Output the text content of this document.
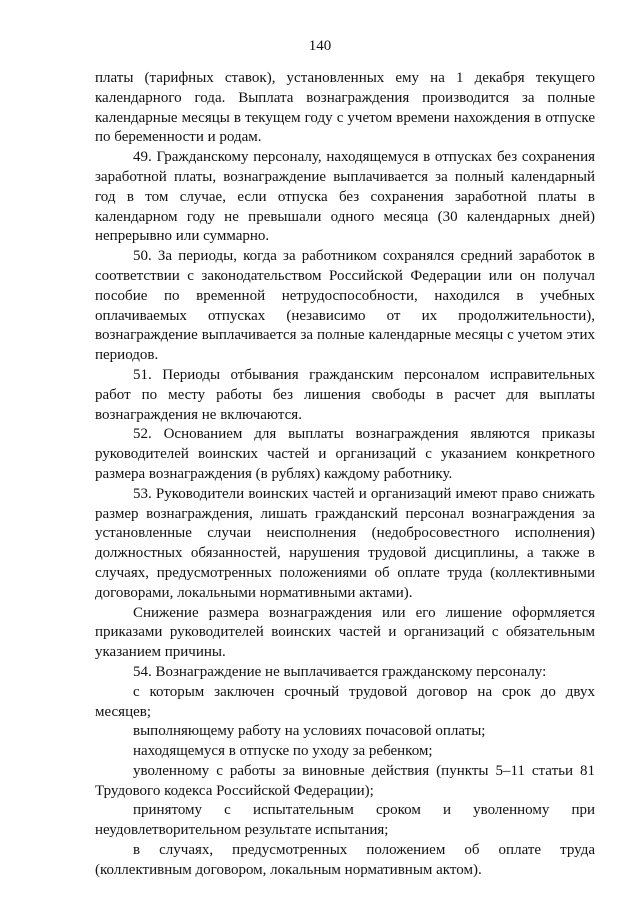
140

платы (тарифных ставок), установленных ему на 1 декабря текущего календарного года. Выплата вознаграждения производится за полные календарные месяцы в текущем году с учетом времени нахождения в отпуске по беременности и родам.

49. Гражданскому персоналу, находящемуся в отпусках без сохранения заработной платы, вознаграждение выплачивается за полный календарный год в том случае, если отпуска без сохранения заработной платы в календарном году не превышали одного месяца (30 календарных дней) непрерывно или суммарно.

50. За периоды, когда за работником сохранялся средний заработок в соответствии с законодательством Российской Федерации или он получал пособие по временной нетрудоспособности, находился в учебных оплачиваемых отпусках (независимо от их продолжительности), вознаграждение выплачивается за полные календарные месяцы с учетом этих периодов.

51. Периоды отбывания гражданским персоналом исправительных работ по месту работы без лишения свободы в расчет для выплаты вознаграждения не включаются.

52. Основанием для выплаты вознаграждения являются приказы руководителей воинских частей и организаций с указанием конкретного размера вознаграждения (в рублях) каждому работнику.

53. Руководители воинских частей и организаций имеют право снижать размер вознаграждения, лишать гражданский персонал вознаграждения за установленные случаи неисполнения (недобросовестного исполнения) должностных обязанностей, нарушения трудовой дисциплины, а также в случаях, предусмотренных положениями об оплате труда (коллективными договорами, локальными нормативными актами).

Снижение размера вознаграждения или его лишение оформляется приказами руководителей воинских частей и организаций с обязательным указанием причины.

54. Вознаграждение не выплачивается гражданскому персоналу:

с которым заключен срочный трудовой договор на срок до двух месяцев;

выполняющему работу на условиях почасовой оплаты;

находящемуся в отпуске по уходу за ребенком;

уволенному с работы за виновные действия (пункты 5–11 статьи 81 Трудового кодекса Российской Федерации);

принятому с испытательным сроком и уволенному при неудовлетворительном результате испытания;

в случаях, предусмотренных положением об оплате труда (коллективным договором, локальным нормативным актом).
